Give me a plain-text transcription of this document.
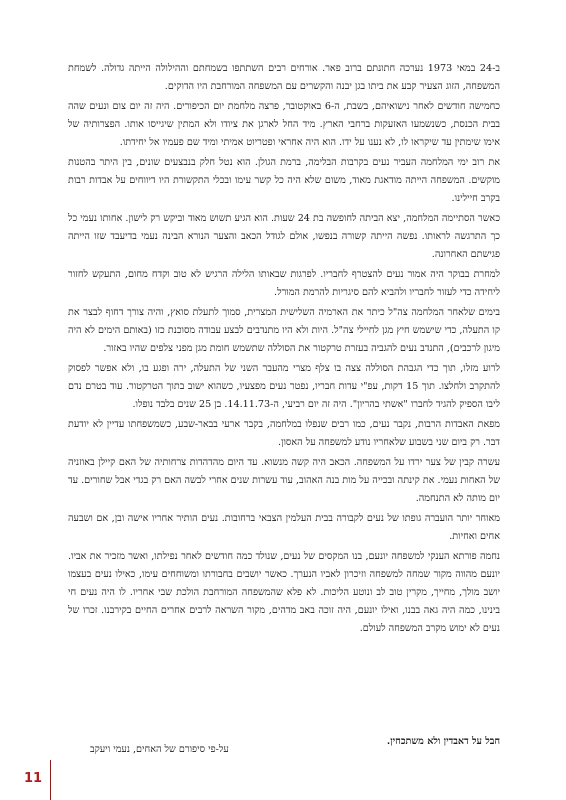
ב-24 במאי 1973 נערכה חתונתם ברוב פאר. אורחים רבים השתתפו בשמחתם וההילולה הייתה גדולה. לשמחת המשפחה, הזוג הצעיר קבע את ביתו בגן יבנה והקשרים עם המשפחה המורחבת היו הדוקים.

כחמישה חודשים לאחר נישואיהם, בשבת, ה-6 באוקטובר, פרצה מלחמת יום הכיפורים. היה זה יום צום ונעים שהה בבית הכנסת, כשנשמעו האזעקות ברחבי הארץ. מיד החל לארגן את ציודו ולא המתין שיגייסו אותו. הפצרותיה של אימו שימתין עד שיקראו לו, לא נענו על ידו. הוא היה אחראי ופטריוט אמיתי ומיד שם פעמיו אל יחידתו.

את רוב ימי המלחמה העביר נעים בקרבות הבלימה, ברמת הגולן. הוא נטל חלק בנבצעים שונים, בין היתר בהטנות מוקשים. המשפחה הייתה מודאגת מאוד, משום שלא היה כל קשר עימו ובכלי התקשורת היו דיווחים על אבדות רבות בקרב חיילינו.

כאשר הסתיימה המלחמה, יצא הביתה לחופשה בת 24 שעות. הוא הגיע תשוש מאוד וביקש רק לישון. אחותו נעמי כל כך התרגשה לראותו. נפשה הייתה קשורה בנפשו, אולם לגודל הכאב והצער הנורא הבינה נעמי בדיעבד שזו הייתה פגישתם האחרונה.

למחרת בבוקר היה אמור נעים להצטרף לחבריו. לפרגות שבאותו הלילה הרגיש לא טוב וקדח מחום, התעקש לחזור ליחידה כדי לעזור לחבריו ולהביא להם סיגריות להרמת המורל.

בימים שלאחר המלחמה צה"ל כיתר את הארמיה השלישית המצרית, סמוך לתעלת סואץ, והיה צורך דחוף לבצר את קו התעלה, כדי שישמש חיץ מגן לחיילי צה"ל. היות ולא היו מתנדבים לבצע עבודה מסוכנת כזו (באותם הימים לא היה מיגון לרכבים), התנדב נעים להגביה בעזרת טרקטור את הסוללה שתשמש חומת מגן מפני צלפים שהיו באזור.

לרוע מזלו, תוך כדי הגבהת הסוללה צצה בו צלף מצרי מהעבר השני של התעלה, ירה ופגע בו, ולא אפשר לפסוק להתקרב ולחלצו. תוך 15 דקות, עפ"י עדות חבריו, נפטר נעים מפצעיו, כשהוא ישוב בתוך הטרקטור. עוד בטרם נדם ליבו הספיק להגיד לחברו "אשתי בהריון". היה זה יום רביעי, ה-14.11.73. בן 25 שנים בלבד נופלו.

מפאת האבדות הרבות, נקבר נעים, כמו רבים שנפלו במלחמה, בקבר ארעי בבאר-שבע, כשמשפחתו עדיין לא יודעת דבר. רק ביום שני בשבוע שלאחריו נודע למשפחה על האסון.

עשרה קבין של צער ירדו על המשפחה. הכאב היה קשה מנשוא. עד היום מהדהדות צרחותיה של האם קיילן באוזניה של האחות נעמי. את קינתה ובכייה על מות בנה האהוב, עוד עשרות שנים אחרי לבשה האם רק בגדי אבל שחורים. עד יום מותה לא התנחמה.

מאוחר יותר הועברה גופתו של נעים לקבורה בבית העלמין הצבאי ברחובות. נעים הותיר אחריו אישה ובן, אם ושבעה אחים ואחיות.

נחמה פורתא הענקי למשפחה יונעם, בנו המקסים של נעים, שנולד כמה חודשים לאחר נפילתו, ואשר מזכיר את אביו. יונעם מהווה מקור שמחה למשפחה וזיכרון לאביו הנערך. כאשר יושבים בחבורתו ומשוחחים עימו, כאילו נעים בעצמו יושב מולך, מחייך, מקרין טוב לב ונוטע הליכות. לא פלא שהמשפחה המורחבת הולכת שבי אחריו. לו היה נעים חי בינינו, כמה היה גאה בבנו, ואילו יונעם, היה זוכה באב מדהים, מקור השראה לרבים אחרים החיים בקירבנו. זכרו של נעים לא ימוש מקרב המשפחה לעולם.

חבל על דאבדין ולא משתכחין.
על-פי סיפורם של האחים, נעמי ויעקב
11
